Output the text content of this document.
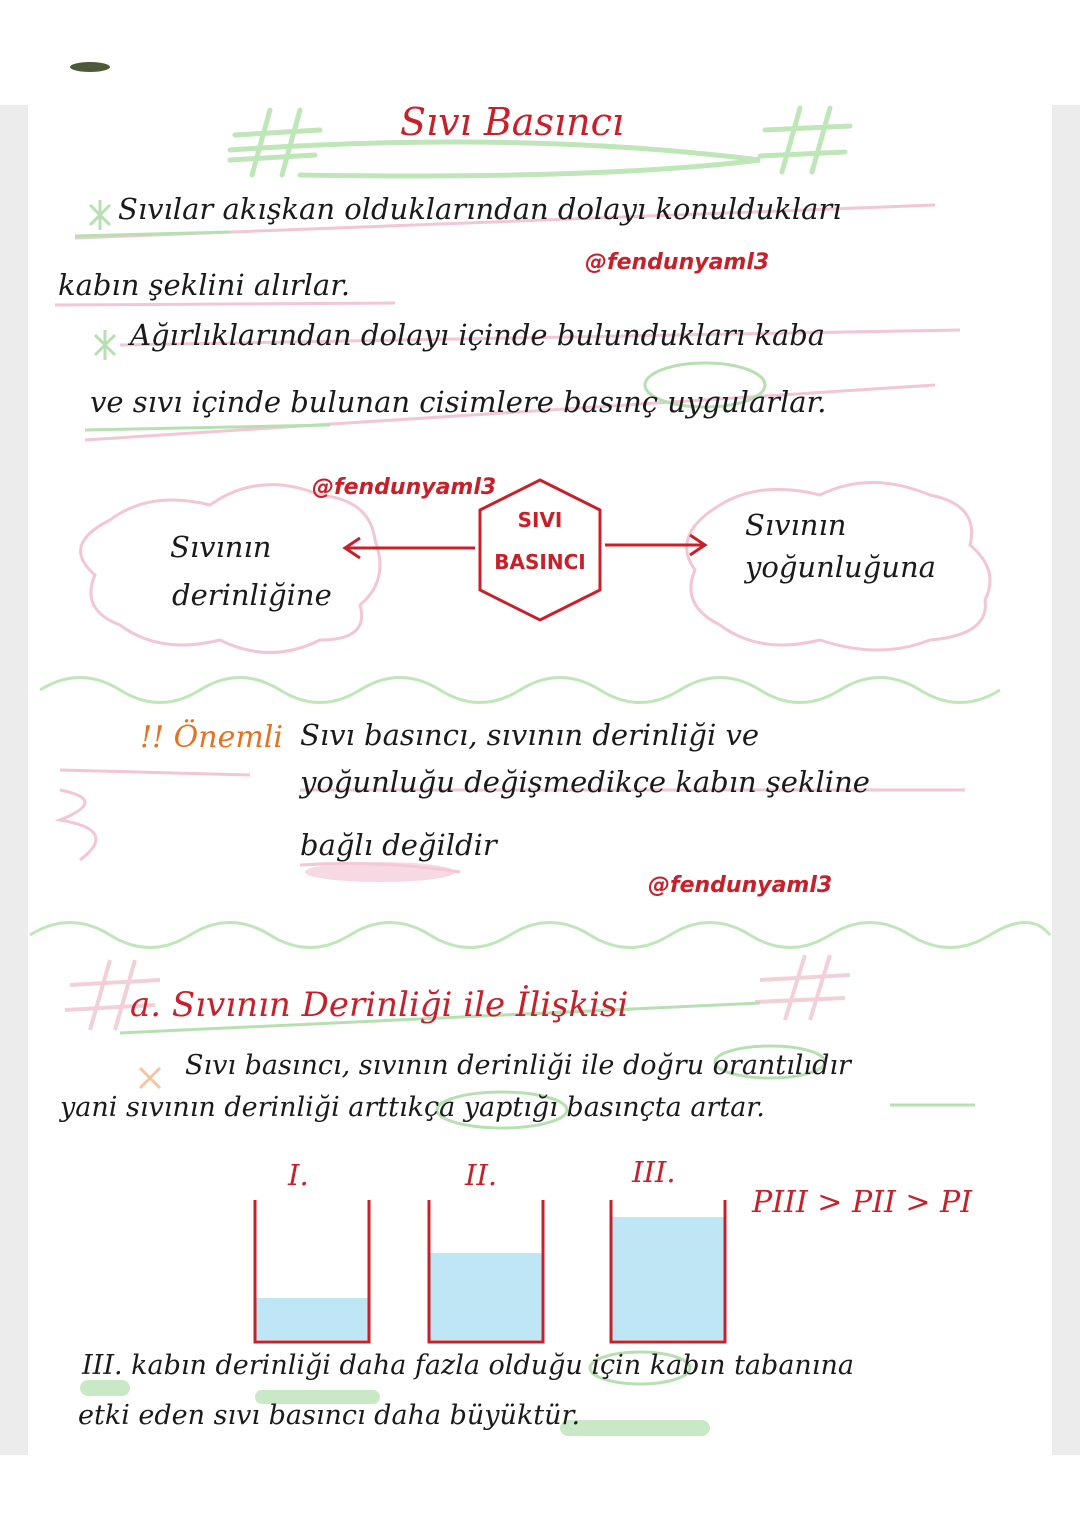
Sıvı Basıncı
Sıvılar akışkan olduklarından dolayı konuldukları
@fendunyaml3
kabın şeklini alırlar.
Ağırlıklarından dolayı içinde bulundukları kaba
ve sıvı içinde bulunan cisimlere basınç uygularlar.
@fendunyaml3
SIVI
BASINCI
Sıvının
derinliğine
Sıvının
yoğunluğuna
!! Önemli Sıvı basıncı, sıvının derinliği ve
yoğunluğu değişmedikçe kabın şekline
bağlı değildir
@fendunyaml3
a. Sıvının Derinliği ile İlişkisi
Sıvı basıncı, sıvının derinliği ile doğru orantılıdır
yani sıvının derinliği arttıkça yaptığı basınçta artar.
I.	II.	III.
PIII > PII > PI
III. kabın derinliği daha fazla olduğu için kabın tabanına
etki eden sıvı basıncı daha büyüktür.
